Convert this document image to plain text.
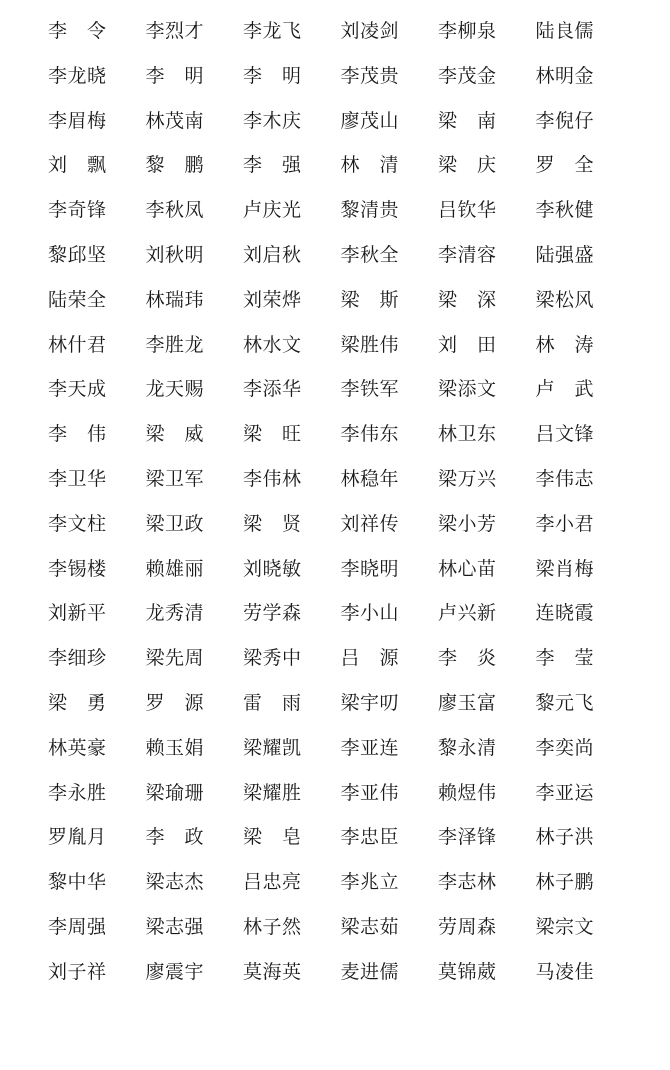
李　令	李烈才	李龙飞	刘凌剑	李柳泉	陆良儒
李龙晓	李　明	李　明	李茂贵	李茂金	林明金
李眉梅	林茂南	李木庆	廖茂山	梁　南	李倪仔
刘　飘	黎　鹏	李　强	林　清	梁　庆	罗　全
李奇锋	李秋凤	卢庆光	黎清贵	吕钦华	李秋健
黎邱坚	刘秋明	刘启秋	李秋全	李清容	陆强盛
陆荣全	林瑞玮	刘荣烨	梁　斯	梁　深	梁松风
林什君	李胜龙	林水文	梁胜伟	刘　田	林　涛
李天成	龙天赐	李添华	李铁军	梁添文	卢　武
李　伟	梁　威	梁　旺	李伟东	林卫东	吕文锋
李卫华	梁卫军	李伟林	林稳年	梁万兴	李伟志
李文柱	梁卫政	梁　贤	刘祥传	梁小芳	李小君
李锡楼	赖雄丽	刘晓敏	李晓明	林心苗	梁肖梅
刘新平	龙秀清	劳学森	李小山	卢兴新	连晓霞
李细珍	梁先周	梁秀中	吕　源	李　炎	李　莹
梁　勇	罗　源	雷　雨	梁宇叨	廖玉富	黎元飞
林英豪	赖玉娟	梁耀凯	李亚连	黎永清	李奕尚
李永胜	梁瑜珊	梁耀胜	李亚伟	赖煜伟	李亚运
罗胤月	李　政	梁　皂	李忠臣	李泽锋	林子洪
黎中华	梁志杰	吕忠亮	李兆立	李志林	林子鹏
李周强	梁志强	林子然	梁志茹	劳周森	梁宗文
刘子祥	廖震宇	莫海英	麦进儒	莫锦葳	马凌佳
